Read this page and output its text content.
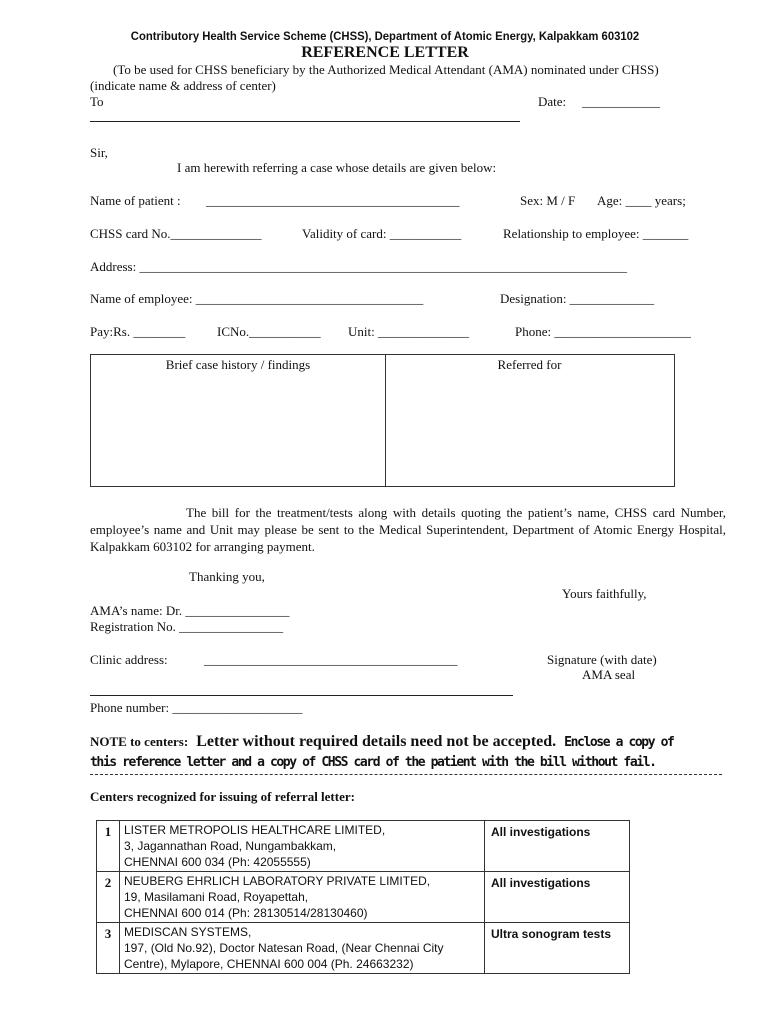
Contributory Health Service Scheme (CHSS), Department of Atomic Energy, Kalpakkam 603102
REFERENCE LETTER
(To be used for CHSS beneficiary by the Authorized Medical Attendant (AMA) nominated under CHSS)
(indicate name & address of center)
To	Date: ____________
Sir,
I am herewith referring a case whose details are given below:
Name of patient : _______________________________________	Sex: M / F Age: ____ years;
CHSS card No.______________	Validity of card: ___________	Relationship to employee: _______
Address: ___________________________________________________________________________
Name of employee: ___________________________________	Designation: _____________
Pay:Rs. ________ ICNo.___________ Unit: ______________	Phone: _____________________
Brief case history / findings	Referred for
The bill for the treatment/tests along with details quoting the patient’s name, CHSS card Number, employee’s name and Unit may please be sent to the Medical Superintendent, Department of Atomic Energy Hospital, Kalpakkam 603102 for arranging payment.
Thanking you,
Yours faithfully,
AMA’s name: Dr. ________________
Registration No. ________________
Clinic address:	_______________________________________	Signature (with date)
AMA seal
Phone number: ____________________
NOTE to centers: Letter without required details need not be accepted. Enclose a copy of
this reference letter and a copy of CHSS card of the patient with the bill without fail.
Centers recognized for issuing of referral letter:
1	LISTER METROPOLIS HEALTHCARE LIMITED,
3, Jagannathan Road, Nungambakkam,
CHENNAI 600 034 (Ph: 42055555)	All investigations
2	NEUBERG EHRLICH LABORATORY PRIVATE LIMITED,
19, Masilamani Road, Royapettah,
CHENNAI 600 014 (Ph: 28130514/28130460)	All investigations
3	MEDISCAN SYSTEMS,
197, (Old No.92), Doctor Natesan Road, (Near Chennai City
Centre), Mylapore, CHENNAI 600 004 (Ph. 24663232)	Ultra sonogram tests
